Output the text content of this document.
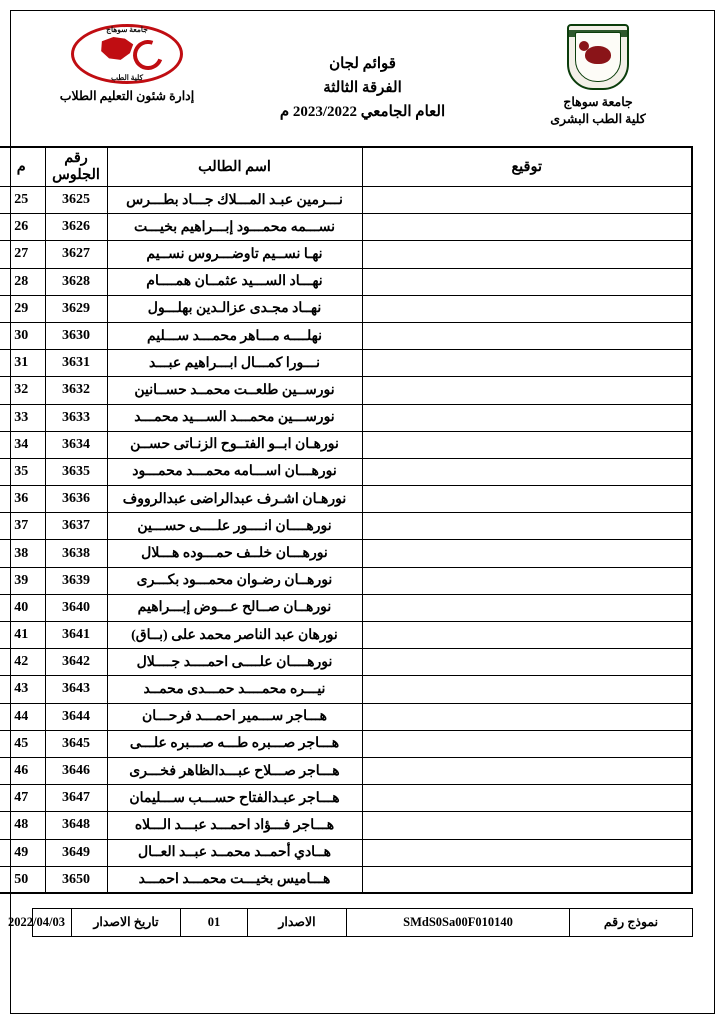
جامعة سوهاج
كلية الطب البشرى
قوائم لجان
الفرقة الثالثة
العام الجامعي 2023/2022 م
جامعة سوهاج
كلية الطب
إدارة شئون التعليم الطلاب
توقيع	اسم الطالب	رقم الجلوس	م
	نـــرمين عبـد المـــلاك جـــاد بطـــرس	3625	25
	نســـمه محمـــود إبـــراهيم بخيـــت	3626	26
	نهـا نســيم تاوضـــروس نســيم	3627	27
	نهـــاد الســـيد عثمــان همــــام	3628	28
	نهــاد مجـدى عزالـدين بهلـــول	3629	29
	نهلــــه مـــاهر محمـــد ســـليم	3630	30
	نـــورا كمـــال ابـــراهيم عبـــد	3631	31
	نورســين طلعــت محمــد حســانين	3632	32
	نورســـين محمـــد الســـيد محمـــد	3633	33
	نورهـان ابــو الفتــوح الزنـاتى حســن	3634	34
	نورهـــان اســـامه محمـــد محمـــود	3635	35
	نورهـان اشـرف عبدالراضى عبدالرووف	3636	36
	نورهــــان انــــور علــــى حســـين	3637	37
	نورهـــان خلــف حمـــوده هـــلال	3638	38
	نورهــان رضـوان محمـــود بكـــرى	3639	39
	نورهــان صــالح عـــوض إبـــراهيم	3640	40
	نورهان عبد الناصر محمد على (بــاق)	3641	41
	نورهــــان علــــى احمــــد جــــلال	3642	42
	نيـــره محمــــد حمـــدى محمــد	3643	43
	هـــاجر ســـمير احمـــد فرحـــان	3644	44
	هـــاجر صـــبره طـــه صـــبره علـــى	3645	45
	هـــاجر صـــلاح عبـــدالظاهر فخـــرى	3646	46
	هـــاجر عبـدالفتاح حســـب ســـليمان	3647	47
	هـــاجر فـــؤاد احمـــد عبـــد الـــلاه	3648	48
	هــادي أحمــد محمــد عبــد العــال	3649	49
	هـــاميس بخيـــت محمـــد احمـــد	3650	50
نموذج رقم	SMdS0Sa00F010140	الاصدار	01	تاريخ الاصدار	2022/04/03
